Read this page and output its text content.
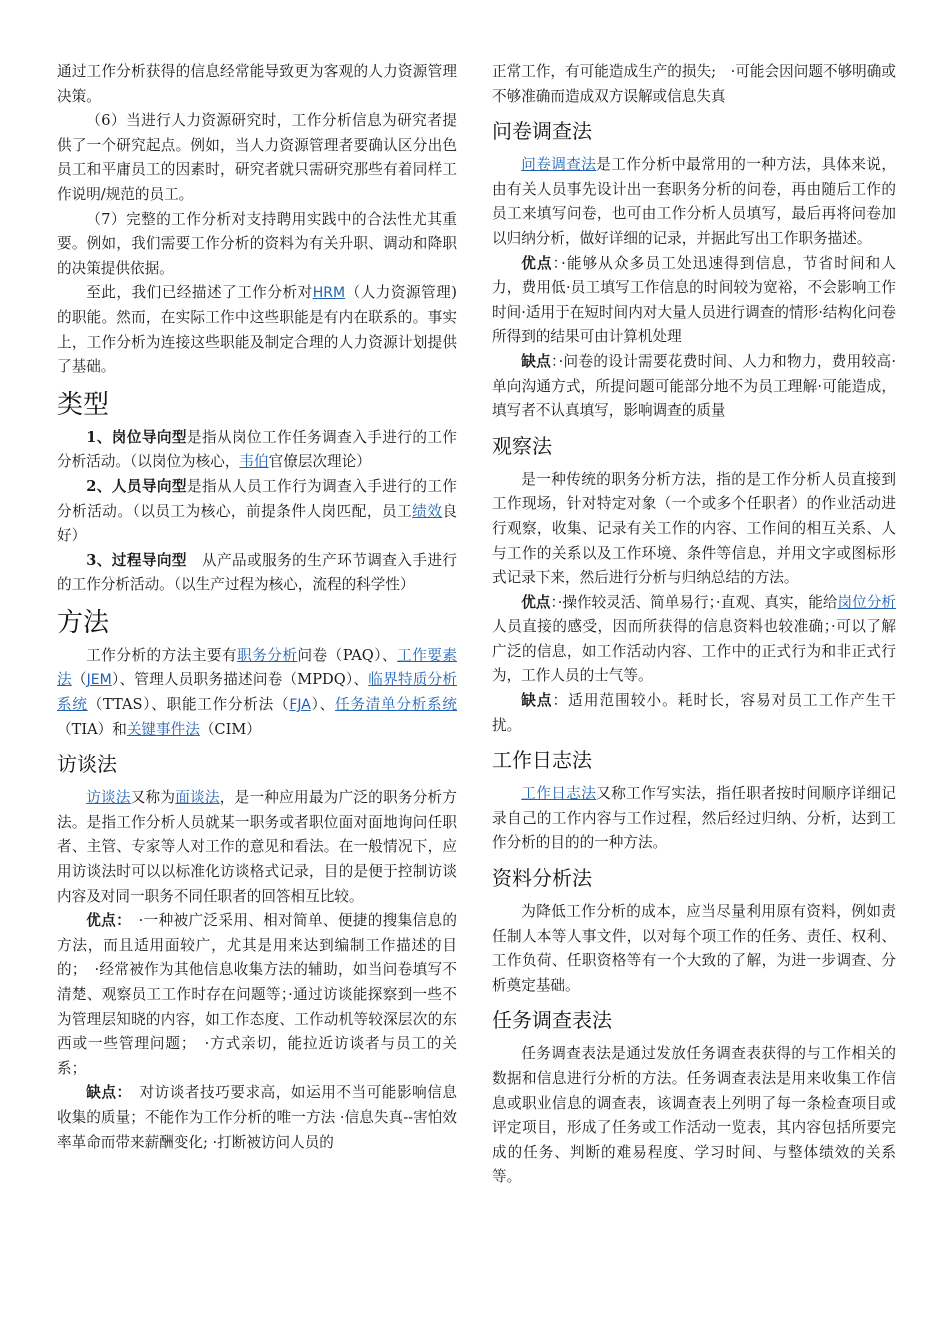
通过工作分析获得的信息经常能导致更为客观的人力资源管理决策。

（6）当进行人力资源研究时，工作分析信息为研究者提供了一个研究起点。例如，当人力资源管理者要确认区分出色员工和平庸员工的因素时，研究者就只需研究那些有着同样工作说明/规范的员工。

（7）完整的工作分析对支持聘用实践中的合法性尤其重要。例如，我们需要工作分析的资料为有关升职、调动和降职的决策提供依据。

至此，我们已经描述了工作分析对HRM（人力资源管理)的职能。然而，在实际工作中这些职能是有内在联系的。事实上，工作分析为连接这些职能及制定合理的人力资源计划提供了基础。

类型

1、岗位导向型是指从岗位工作任务调查入手进行的工作分析活动。（以岗位为核心，韦伯官僚层次理论）

2、人员导向型是指从人员工作行为调查入手进行的工作分析活动。（以员工为核心，前提条件人岗匹配，员工绩效良好）

3、过程导向型　从产品或服务的生产环节调查入手进行的工作分析活动。（以生产过程为核心，流程的科学性）

方法

工作分析的方法主要有职务分析问卷（PAQ）、工作要素法（JEM）、管理人员职务描述问卷（MPDQ）、临界特质分析系统（TTAS）、职能工作分析法（FJA）、任务清单分析系统（TIA）和关键事件法（CIM）

访谈法

访谈法又称为面谈法，是一种应用最为广泛的职务分析方法。是指工作分析人员就某一职务或者职位面对面地询问任职者、主管、专家等人对工作的意见和看法。在一般情况下，应用访谈法时可以以标准化访谈格式记录，目的是便于控制访谈内容及对同一职务不同任职者的回答相互比较。

优点：　·一种被广泛采用、相对简单、便捷的搜集信息的方法，而且适用面较广，尤其是用来达到编制工作描述的目的；　·经常被作为其他信息收集方法的辅助，如当问卷填写不清楚、观察员工工作时存在问题等；·通过访谈能探察到一些不为管理层知晓的内容，如工作态度、工作动机等较深层次的东西或一些管理问题；　·方式亲切，能拉近访谈者与员工的关系；

缺点：　对访谈者技巧要求高，如运用不当可能影响信息收集的质量；不能作为工作分析的唯一方法 ·信息失真--害怕效率革命而带来薪酬变化; ·打断被访问人员的

正常工作，有可能造成生产的损失;　·可能会因问题不够明确或不够准确而造成双方误解或信息失真

问卷调查法

问卷调查法是工作分析中最常用的一种方法，具体来说，由有关人员事先设计出一套职务分析的问卷，再由随后工作的员工来填写问卷，也可由工作分析人员填写，最后再将问卷加以归纳分析，做好详细的记录，并据此写出工作职务描述。

优点：·能够从众多员工处迅速得到信息，节省时间和人力，费用低·员工填写工作信息的时间较为宽裕，不会影响工作时间·适用于在短时间内对大量人员进行调查的情形·结构化问卷所得到的结果可由计算机处理

缺点：·问卷的设计需要花费时间、人力和物力，费用较高·单向沟通方式，所提问题可能部分地不为员工理解·可能造成，填写者不认真填写，影响调查的质量

观察法

是一种传统的职务分析方法，指的是工作分析人员直接到工作现场，针对特定对象（一个或多个任职者）的作业活动进行观察，收集、记录有关工作的内容、工作间的相互关系、人与工作的关系以及工作环境、条件等信息，并用文字或图标形式记录下来，然后进行分析与归纳总结的方法。

优点：·操作较灵活、简单易行；·直观、真实，能给岗位分析人员直接的感受，因而所获得的信息资料也较准确；·可以了解广泛的信息，如工作活动内容、工作中的正式行为和非正式行为，工作人员的士气等。

缺点：适用范围较小。耗时长，容易对员工工作产生干扰。

工作日志法

工作日志法又称工作写实法，指任职者按时间顺序详细记录自己的工作内容与工作过程，然后经过归纳、分析，达到工作分析的目的的一种方法。

资料分析法

为降低工作分析的成本，应当尽量利用原有资料，例如责任制人本等人事文件，以对每个项工作的任务、责任、权利、工作负荷、任职资格等有一个大致的了解，为进一步调查、分析奠定基础。

任务调查表法

任务调查表法是通过发放任务调查表获得的与工作相关的数据和信息进行分析的方法。任务调查表法是用来收集工作信息或职业信息的调查表，该调查表上列明了每一条检查项目或评定项目，形成了任务或工作活动一览表，其内容包括所要完成的任务、判断的难易程度、学习时间、与整体绩效的关系等。
